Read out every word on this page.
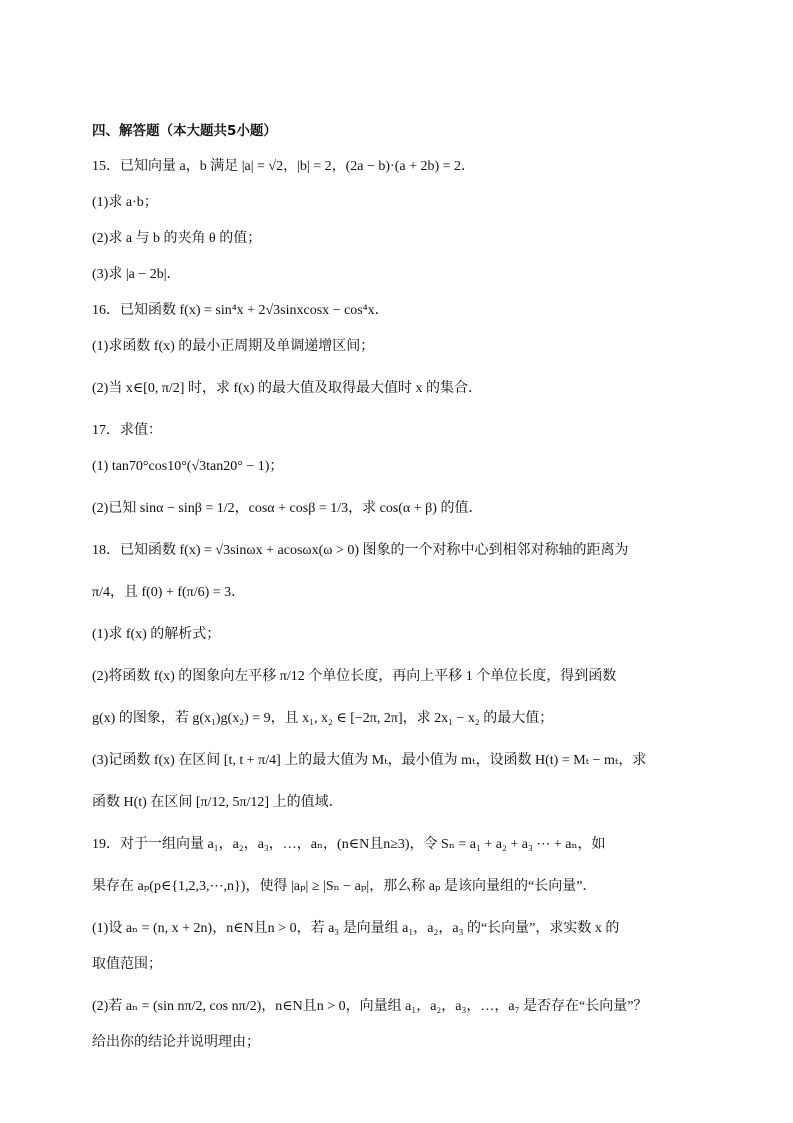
四、解答题（本大题共5小题）
15．已知向量 a，b 满足 |a| = √2，|b| = 2，(2a − b)·(a + 2b) = 2．
(1)求 a·b；
(2)求 a 与 b 的夹角 θ 的值；
(3)求 |a − 2b|．
16．已知函数 f(x) = sin⁴x + 2√3sinxcosx − cos⁴x．
(1)求函数 f(x) 的最小正周期及单调递增区间；
(2)当 x∈[0, π/2] 时，求 f(x) 的最大值及取得最大值时 x 的集合．
17．求值：
(1) tan70°cos10°(√3tan20° − 1)；
(2)已知 sinα − sinβ = 1/2，cosα + cosβ = 1/3，求 cos(α + β) 的值．
18．已知函数 f(x) = √3sinωx + acosωx(ω > 0) 图象的一个对称中心到相邻对称轴的距离为
π/4，且 f(0) + f(π/6) = 3．
(1)求 f(x) 的解析式；
(2)将函数 f(x) 的图象向左平移 π/12 个单位长度，再向上平移 1 个单位长度，得到函数
g(x) 的图象，若 g(x₁)g(x₂) = 9，且 x₁, x₂ ∈ [−2π, 2π]，求 2x₁ − x₂ 的最大值；
(3)记函数 f(x) 在区间 [t, t + π/4] 上的最大值为 Mₜ，最小值为 mₜ，设函数 H(t) = Mₜ − mₜ，求
函数 H(t) 在区间 [π/12, 5π/12] 上的值域．
19．对于一组向量 a₁，a₂，a₃，…，aₙ，(n∈N且n≥3)，令 Sₙ = a₁ + a₂ + a₃ ⋯ + aₙ，如
果存在 aₚ(p∈{1,2,3,⋯,n})，使得 |aₚ| ≥ |Sₙ − aₚ|，那么称 aₚ 是该向量组的“长向量”．
(1)设 aₙ = (n, x + 2n)，n∈N且n > 0，若 a₃ 是向量组 a₁，a₂，a₃ 的“长向量”，求实数 x 的
取值范围；
(2)若 aₙ = (sin nπ/2, cos nπ/2)，n∈N且n > 0，向量组 a₁，a₂，a₃，…，a₇ 是否存在“长向量”？
给出你的结论并说明理由；
